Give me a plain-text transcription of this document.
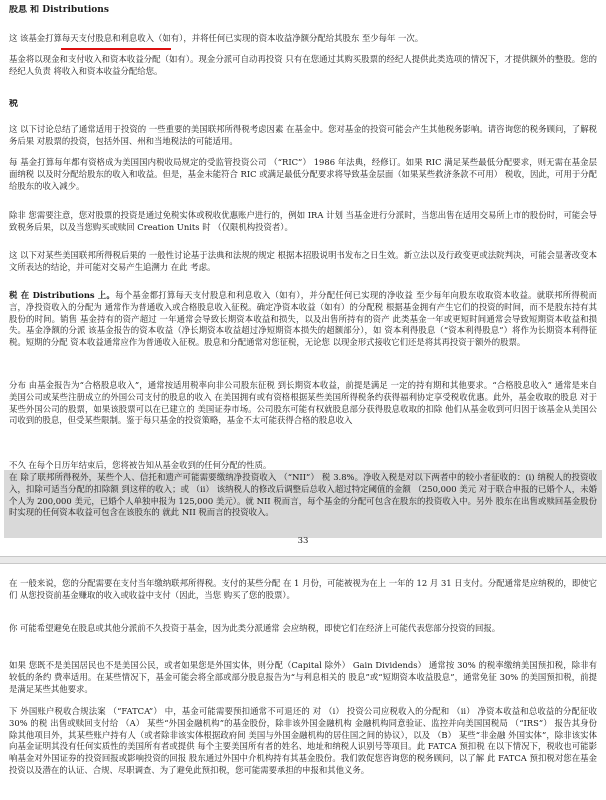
股息 和 Distributions
这 该基金打算每天支付股息和利息收入（如有），并将任何已实现的资本收益净额分配给其股东 至少每年 一次。
基金将以现金和支付收入和资本收益分配（如有）。现金分派可自动再投资 只有在您通过其购买股票的经纪人提供此类选项的情况下，才提供额外的整股。您的经纪人负责 将收入和资本收益分配给您。
税
这 以下讨论总结了通常适用于投资的 一些重要的美国联邦所得税考虑因素 在基金中。您对基金的投资可能会产生其他税务影响。请咨询您的税务顾问，了解税务后果 对股票的投资，包括外国、州和当地税法的可能适用。
每 基金打算每年都有资格成为美国国内税收局规定的受监管投资公司 （“RIC”） 1986 年法典，经修订。如果 RIC 满足某些最低分配要求，则无需在基金层面纳税 以及时分配给股东的收入和收益。但是，基金未能符合 RIC 或满足最低分配要求将导致基金层面（如果某些救济条款不可用） 税收，因此，可用于分配给股东的收入减少。
除非 您需要注意，您对股票的投资是通过免税实体或税收优惠账户进行的，例如 IRA 计划 当基金进行分派时，当您出售在适用交易所上市的股份时，可能会导致税务后果，以及当您购买或赎回 Creation Units 时 （仅限机构投资者）。
这 以下对某些美国联邦所得税后果的 一般性讨论基于法典和法规的规定 根据本招股说明书发布之日生效。新立法以及行政变更或法院判决，可能会显著改变本文所表达的结论，并可能对交易产生追溯力 在此 考虑。
税 在 Distributions 上。每个基金都打算每天支付股息和利息收入（如有），并分配任何已实现的净收益 至少每年向股东收取资本收益。就联邦所得税而言，净投资收入的分配为 通常作为普通收入或合格股息收入征税。确定净资本收益（如有）的分配税 根据基金拥有产生它们的投资的时间，而不是股东持有其股份的时间。销售 基金持有的资产超过 一年通常会导致长期资本收益和损失，以及出售所持有的资产 此类基金一年或更短时间通常会导致短期资本收益和损失。基金净额的分派 该基金报告的资本收益（净长期资本收益超过净短期资本损失的超额部分），如 资本利得股息（“资本利得股息”）将作为长期资本利得征税。短期的分配 资本收益通常应作为普通收入征税。股息和分配通常对您征税，无论您 以现金形式接收它们还是将其再投资于额外的股票。
分布 由基金报告为“合格股息收入”，通常按适用税率向非公司股东征税 到长期资本收益，前提是满足 一定的持有期和其他要求。“合格股息收入” 通常是来自美国公司或某些注册成立的外国公司支付的股息的收入 在美国拥有或有资格根据某些美国所得税条约获得福利协定享受税收优惠。此外，基金收取的股息 对于某些外国公司的股票，如果该股票可以在已建立的 美国证券市场。公司股东可能有权就股息部分获得股息收取的扣除 他们从基金收到可归因于该基金从美国公司收到的股息，但受某些限制。鉴于每只基金的投资策略，基金不太可能获得合格的股息收入
不久 在每个日历年结束后，您将被告知从基金收到的任何分配的性质。
在 除了联邦所得税外，某些个人、信托和遗产可能需要缴纳净投资收入 （“NII”） 税 3.8%。净收入税是对以下两者中的较小者征收的：(i) 纳税人的投资收入，扣除可适当分配的扣除额 到这样的收入；或 （ii） 该纳税人的修改后调整后总收入超过特定阈值的金额 （250,000 美元 对于联合申报的已婚个人，未婚个人为 200,000 美元，已婚个人单独申报为 125,000 美元）。就 NII 税而言，每个基金的分配可包含在股东的投资收入中。另外 股东在出售或赎回基金股份时实现的任何资本收益可包含在该股东的 就此 NII 税而言的投资收入。
33
在 一般来说，您的分配需要在支付当年缴纳联邦所得税。支付的某些分配 在 1 月份，可能被视为在上 一年的 12 月 31 日支付。分配通常是应纳税的，即使它们 从您投资前基金赚取的收入或收益中支付（因此，当您 购买了您的股票）。
你 可能希望避免在股息或其他分派前不久投资于基金，因为此类分派通常 会应纳税，即使它们在经济上可能代表您部分投资的回报。
如果 您既不是美国居民也不是美国公民，或者如果您是外国实体，则分配（Capital 除外） Gain Dividends） 通常按 30% 的税率缴纳美国预扣税，除非有较低的条约 费率适用。在某些情况下，基金可能会将全部或部分股息报告为“与利息相关的 股息”或“短期资本收益股息”，通常免征 30% 的美国预扣税，前提是满足某些其他要求。
下 外国账户税收合规法案 （“FATCA”） 中，基金可能需要预扣通常不可退还的 对 （i） 投资公司应税收入的分配和 （ii） 净资本收益和总收益的分配征收 30% 的税 出售或赎回支付给 （A） 某些“外国金融机构”的基金股份，除非该外国金融机构 金融机构同意验证、监控并向美国国税局 （“IRS”） 报告其身份 除其他项目外，其某些账户持有人（或者除非该实体根据政府间 美国与外国金融机构的居住国之间的协议），以及 （B） 某些“非金融 外国实体”，除非该实体向基金证明其没有任何实质性的美国所有者或提供 每个主要美国所有者的姓名、地址和纳税人识别号等项目。此 FATCA 预扣税 在以下情况下，税收也可能影响基金对外国证券的投资回报或影响投资的回报 股东通过外国中介机构持有其基金股份。我们敦促您咨询您的税务顾问，以了解 此 FATCA 预扣税对您在基金投资以及潜在的认证、合规、尽职调查、为了避免此预扣税，您可能需要承担的申报和其他义务。
